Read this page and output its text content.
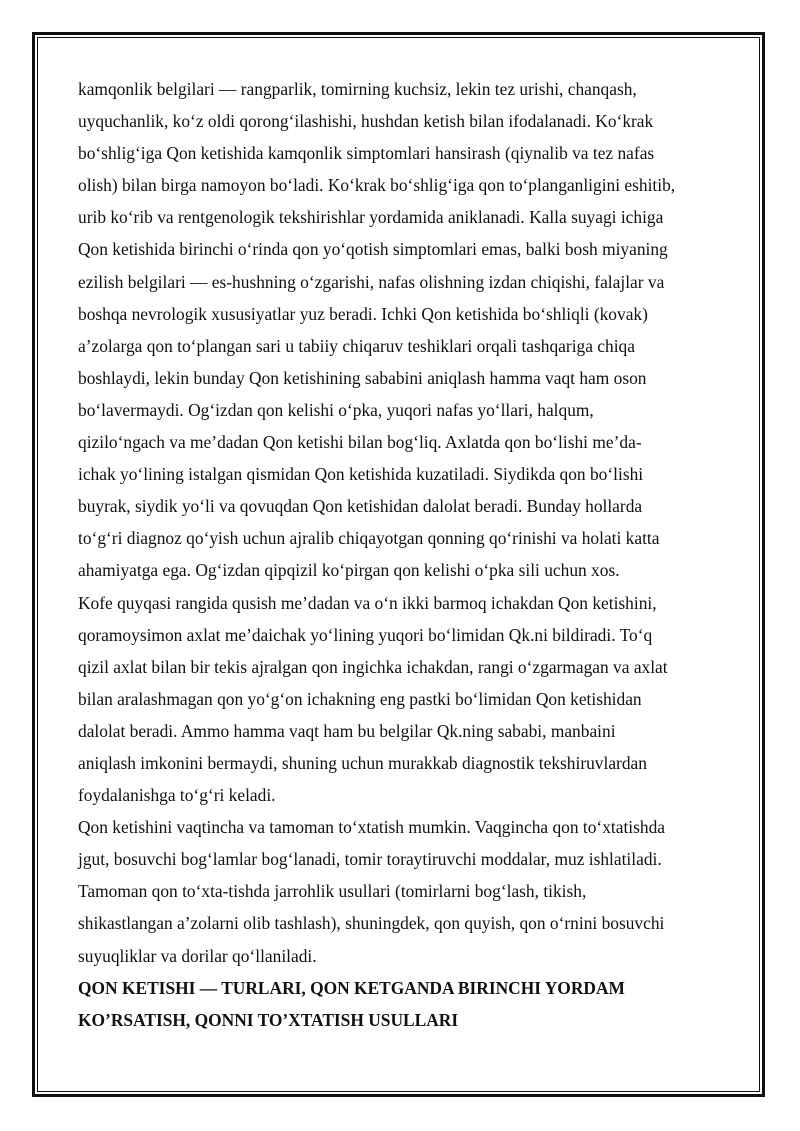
kamqonlik belgilari — rangparlik, tomirning kuchsiz, lekin tez urishi, chanqash,
uyquchanlik, koʻz oldi qorongʻilashishi, hushdan ketish bilan ifodalanadi. Koʻkrak
boʻshligʻiga Qon ketishida kamqonlik simptomlari hansirash (qiynalib va tez nafas
olish) bilan birga namoyon boʻladi. Koʻkrak boʻshligʻiga qon toʻplanganligini eshitib,
urib koʻrib va rentgenologik tekshirishlar yordamida aniklanadi. Kalla suyagi ichiga
Qon ketishida birinchi oʻrinda qon yoʻqotish simptomlari emas, balki bosh miyaning
ezilish belgilari — es-hushning oʻzgarishi, nafas olishning izdan chiqishi, falajlar va
boshqa nevrologik xususiyatlar yuz beradi. Ichki Qon ketishida boʻshliqli (kovak)
a’zolarga qon toʻplangan sari u tabiiy chiqaruv teshiklari orqali tashqariga chiqa
boshlaydi, lekin bunday Qon ketishining sababini aniqlash hamma vaqt ham oson
boʻlavermaydi. Ogʻizdan qon kelishi oʻpka, yuqori nafas yoʻllari, halqum,
qiziloʻngach va me’dadan Qon ketishi bilan bogʻliq. Axlatda qon boʻlishi me’da-
ichak yoʻlining istalgan qismidan Qon ketishida kuzatiladi. Siydikda qon boʻlishi
buyrak, siydik yoʻli va qovuqdan Qon ketishidan dalolat beradi. Bunday hollarda
toʻgʻri diagnoz qoʻyish uchun ajralib chiqayotgan qonning qoʻrinishi va holati katta
ahamiyatga ega. Ogʻizdan qipqizil koʻpirgan qon kelishi oʻpka sili uchun xos.
Kofe quyqasi rangida qusish me’dadan va oʻn ikki barmoq ichakdan Qon ketishini,
qoramoysimon axlat me’daichak yoʻlining yuqori boʻlimidan Qk.ni bildiradi. Toʻq
qizil axlat bilan bir tekis ajralgan qon ingichka ichakdan, rangi oʻzgarmagan va axlat
bilan aralashmagan qon yoʻgʻon ichakning eng pastki boʻlimidan Qon ketishidan
dalolat beradi. Ammo hamma vaqt ham bu belgilar Qk.ning sababi, manbaini
aniqlash imkonini bermaydi, shuning uchun murakkab diagnostik tekshiruvlardan
foydalanishga toʻgʻri keladi.
Qon ketishini vaqtincha va tamoman toʻxtatish mumkin. Vaqgincha qon toʻxtatishda
jgut, bosuvchi bogʻlamlar bogʻlanadi, tomir toraytiruvchi moddalar, muz ishlatiladi.
Tamoman qon toʻxta-tishda jarrohlik usullari (tomirlarni bogʻlash, tikish,
shikastlangan a’zolarni olib tashlash), shuningdek, qon quyish, qon oʻrnini bosuvchi
suyuqliklar va dorilar qoʻllaniladi.
QON KETISHI — TURLARI, QON KETGANDA BIRINCHI YORDAM
KO’RSATISH, QONNI TO’XTATISH USULLARI
